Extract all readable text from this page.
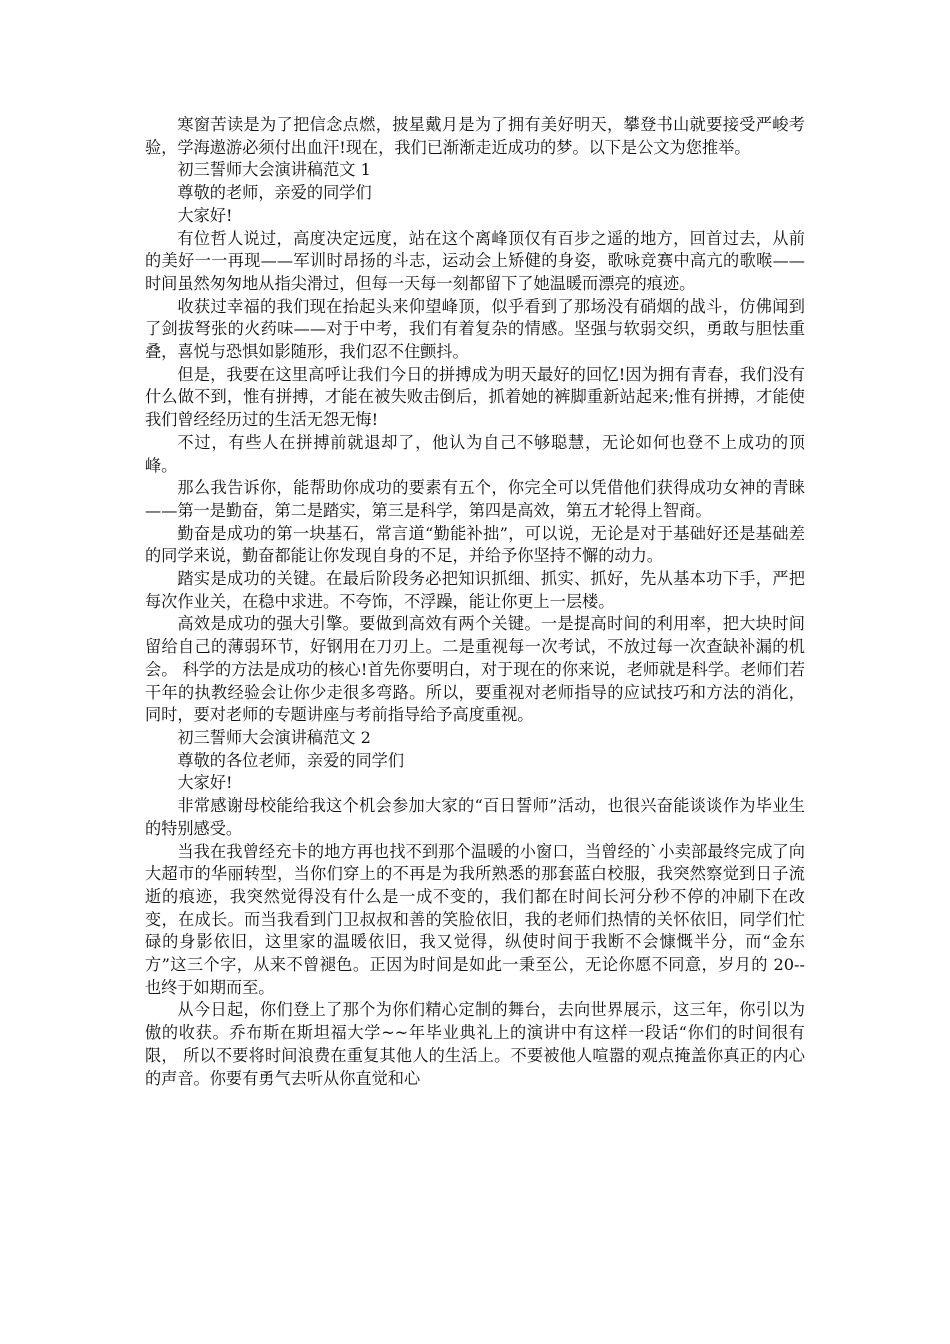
寒窗苦读是为了把信念点燃，披星戴月是为了拥有美好明天，攀登书山就要接受严峻考验，学海遨游必须付出血汗!现在，我们已渐渐走近成功的梦。以下是公文为您推举。

初三誓师大会演讲稿范文 1

尊敬的老师，亲爱的同学们

大家好!

有位哲人说过，高度决定远度，站在这个离峰顶仅有百步之遥的地方，回首过去，从前的美好一一再现——军训时昂扬的斗志，运动会上矫健的身姿，歌咏竞赛中高亢的歌喉——时间虽然匆匆地从指尖滑过，但每一天每一刻都留下了她温暖而漂亮的痕迹。

收获过幸福的我们现在抬起头来仰望峰顶，似乎看到了那场没有硝烟的战斗，仿佛闻到了剑拔弩张的火药味——对于中考，我们有着复杂的情感。坚强与软弱交织，勇敢与胆怯重叠，喜悦与恐惧如影随形，我们忍不住颤抖。

但是，我要在这里高呼让我们今日的拼搏成为明天最好的回忆!因为拥有青春，我们没有什么做不到，惟有拼搏，才能在被失败击倒后，抓着她的裤脚重新站起来;惟有拼搏，才能使我们曾经经历过的生活无怨无悔!

不过，有些人在拼搏前就退却了，他认为自己不够聪慧，无论如何也登不上成功的顶峰。

那么我告诉你，能帮助你成功的要素有五个，你完全可以凭借他们获得成功女神的青睐——第一是勤奋，第二是踏实，第三是科学，第四是高效，第五才轮得上智商。

勤奋是成功的第一块基石，常言道“勤能补拙”，可以说，无论是对于基础好还是基础差的同学来说，勤奋都能让你发现自身的不足，并给予你坚持不懈的动力。

踏实是成功的关键。在最后阶段务必把知识抓细、抓实、抓好，先从基本功下手，严把每次作业关，在稳中求进。不夸饰，不浮躁，能让你更上一层楼。

高效是成功的强大引擎。要做到高效有两个关键。一是提高时间的利用率，把大块时间留给自己的薄弱环节，好钢用在刀刃上。二是重视每一次考试，不放过每一次查缺补漏的机会。 科学的方法是成功的核心!首先你要明白，对于现在的你来说，老师就是科学。老师们若干年的执教经验会让你少走很多弯路。所以，要重视对老师指导的应试技巧和方法的消化，同时，要对老师的专题讲座与考前指导给予高度重视。

初三誓师大会演讲稿范文 2

尊敬的各位老师，亲爱的同学们

大家好!

非常感谢母校能给我这个机会参加大家的“百日誓师”活动，也很兴奋能谈谈作为毕业生的特别感受。

当我在我曾经充卡的地方再也找不到那个温暖的小窗口，当曾经的`小卖部最终完成了向大超市的华丽转型，当你们穿上的不再是为我所熟悉的那套蓝白校服，我突然察觉到日子流逝的痕迹，我突然觉得没有什么是一成不变的，我们都在时间长河分秒不停的冲刷下在改变，在成长。而当我看到门卫叔叔和善的笑脸依旧，我的老师们热情的关怀依旧，同学们忙碌的身影依旧，这里家的温暖依旧，我又觉得，纵使时间于我断不会慷慨半分，而“金东方”这三个字，从来不曾褪色。正因为时间是如此一秉至公，无论你愿不同意，岁月的 20--也终于如期而至。

从今日起，你们登上了那个为你们精心定制的舞台，去向世界展示，这三年，你引以为傲的收获。乔布斯在斯坦福大学~~年毕业典礼上的演讲中有这样一段话“你们的时间很有限， 所以不要将时间浪费在重复其他人的生活上。不要被他人喧嚣的观点掩盖你真正的内心的声音。你要有勇气去听从你直觉和心
